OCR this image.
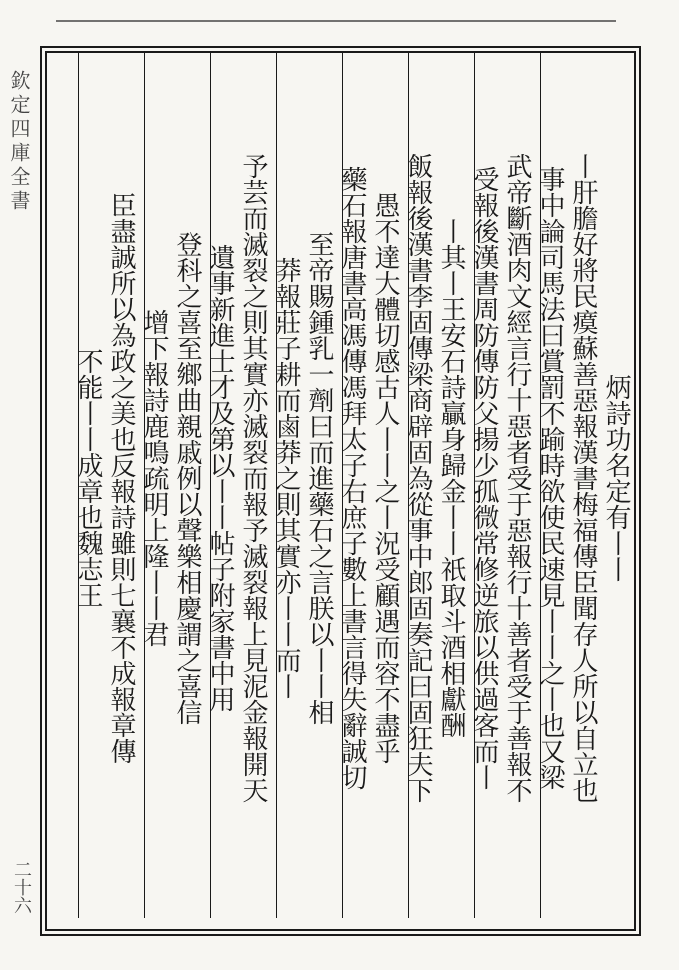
欽定四庫全書
二十六
炳詩功名定有丨丨
丨肝膽好將民瘼蘇善惡報漢書梅福傳臣聞存人所以自立也
事中論司馬法曰賞罰不踰時欲使民速見丨丨之丨也又梁
武帝斷酒肉文經言行十惡者受于惡報行十善者受于善報不
受報後漢書周防傳防父揚少孤微常修逆旅以供過客而丨
丨其丨王安石詩贏身歸金丨丨祇取斗酒相獻酬
飯報後漢書李固傳梁商辟固為從事中郎固奏記曰固狂夫下
愚不達大體切感古人丨丨之丨況受顧遇而容不盡乎
藥石報唐書高馮傳馮拜太子右庶子數上書言得失辭誠切
至帝賜鍾乳一劑曰而進藥石之言朕以丨丨相
莽報莊子耕而鹵莽之則其實亦丨丨而丨
予芸而滅裂之則其實亦滅裂而報予滅裂報上見泥金報開天
遺事新進士才及第以丨丨帖子附家書中用
登科之喜至鄉曲親戚例以聲樂相慶謂之喜信
增下報詩鹿鳴疏明上隆丨丨君
臣盡誠所以為政之美也反報詩雖則七襄不成報章傳
不能丨丨成章也魏志王
